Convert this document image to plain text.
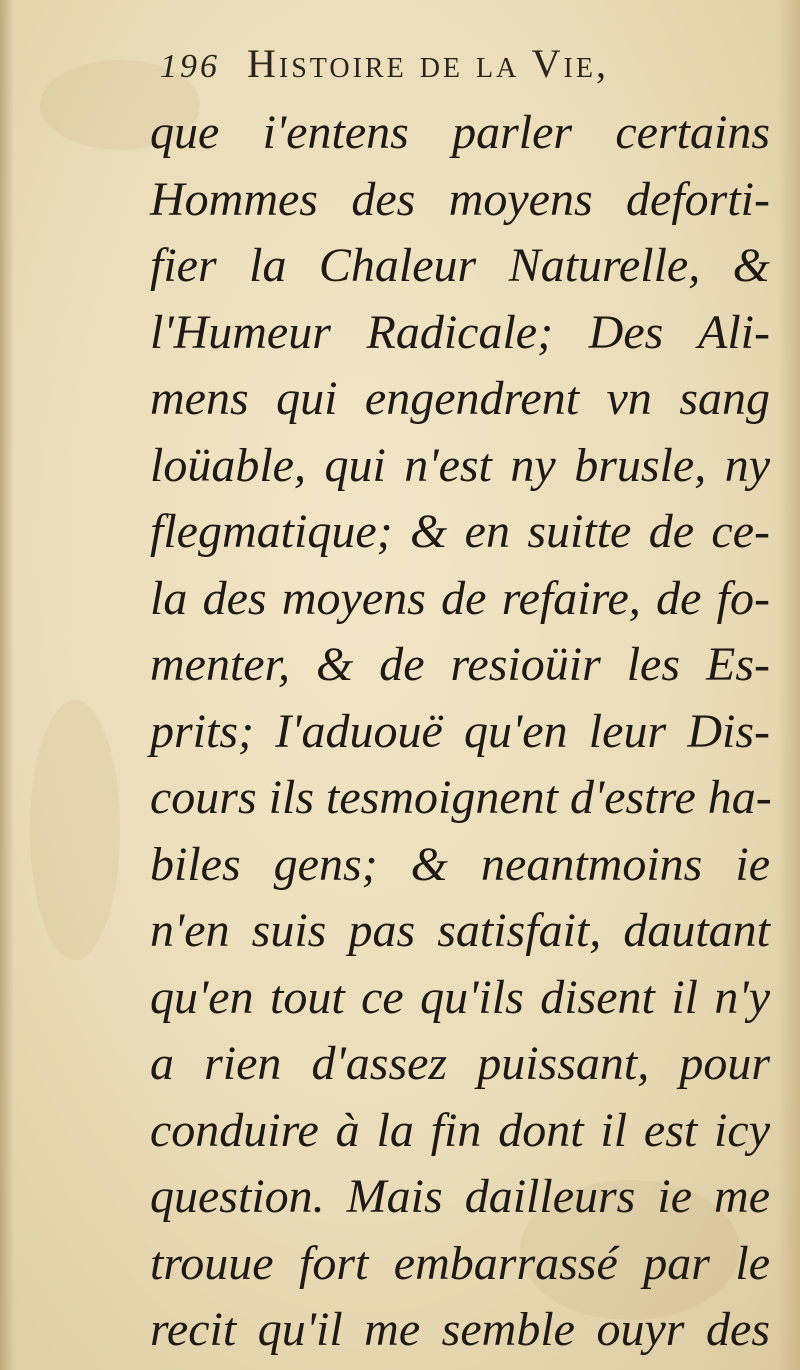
196 Histoire de la Vie,
que i'entens parler certains
Hommes des moyens defortі-
fier la Chaleur Naturelle, &
l'Humeur Radicale; Des Ali-
mens qui engendrent vn sang
loüable, qui n'est ny brusle, ny
flegmatique; & en suitte de ce-
la des moyens de refaire, de fo-
menter, & de resioüir les Es-
prits; I'aduouë qu'en leur Dis-
cours ils tesmoignent d'estre ha-
biles gens; & neantmoins ie
n'en suis pas satisfait, dautant
qu'en tout ce qu'ils disent il n'y
a rien d'assez puissant, pour
conduire à la fin dont il est icy
question. Mais dailleurs ie me
trouue fort embarrassé par le
recit qu'il me semble ouyr des
